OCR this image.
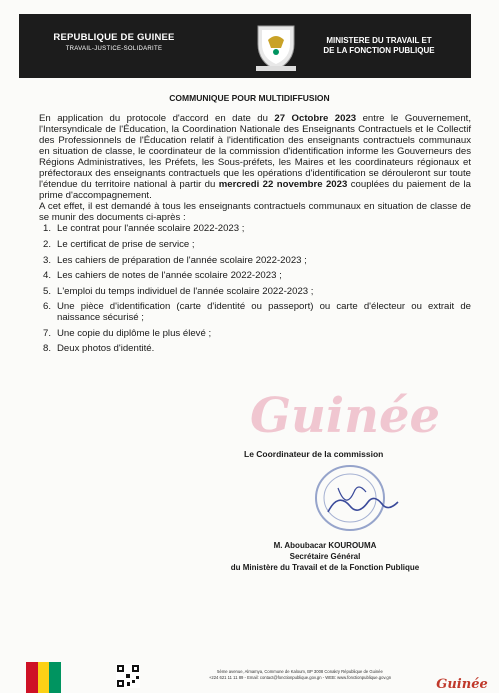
REPUBLIQUE DE GUINEE
TRAVAIL-JUSTICE-SOLIDARITE
MINISTERE DU TRAVAIL ET
DE LA FONCTION PUBLIQUE
COMMUNIQUE POUR MULTIDIFFUSION

En application du protocole d'accord en date du 27 Octobre 2023 entre le Gouvernement, l'Intersyndicale de l'Éducation, la Coordination Nationale des Enseignants Contractuels et le Collectif des Professionnels de l'Éducation relatif à l'identification des enseignants contractuels communaux en situation de classe, le coordinateur de la commission d'identification informe les Gouverneurs des Régions Administratives, les Préfets, les Sous-préfets, les Maires et les coordinateurs régionaux et préfectoraux des enseignants contractuels que les opérations d'identification se dérouleront sur toute l'étendue du territoire national à partir du mercredi 22 novembre 2023 couplées du paiement de la prime d'accompagnement.

A cet effet, il est demandé à tous les enseignants contractuels communaux en situation de classe de se munir des documents ci-après :

1. Le contrat pour l'année scolaire 2022-2023 ;
2. Le certificat de prise de service ;
3. Les cahiers de préparation de l'année scolaire 2022-2023 ;
4. Les cahiers de notes de l'année scolaire 2022-2023 ;
5. L'emploi du temps individuel de l'année scolaire 2022-2023 ;
6. Une pièce d'identification (carte d'identité ou passeport) ou carte d'électeur ou extrait de naissance sécurisé ;
7. Une copie du diplôme le plus élevé ;
8. Deux photos d'identité.
Guinée
Le Coordinateur de la commission
M. Aboubacar KOUROUMA
Secrétaire Général
du Ministère du Travail et de la Fonction Publique
5ème avenue, Almamya, Commune de Kaloum, BP 3008 Conakry République de Guinée
+224 621 11 11 89 - Email: contact@fonctionpublique.gov.gn - WEB: www.fonctionpublique.gov.gn	Guinée
